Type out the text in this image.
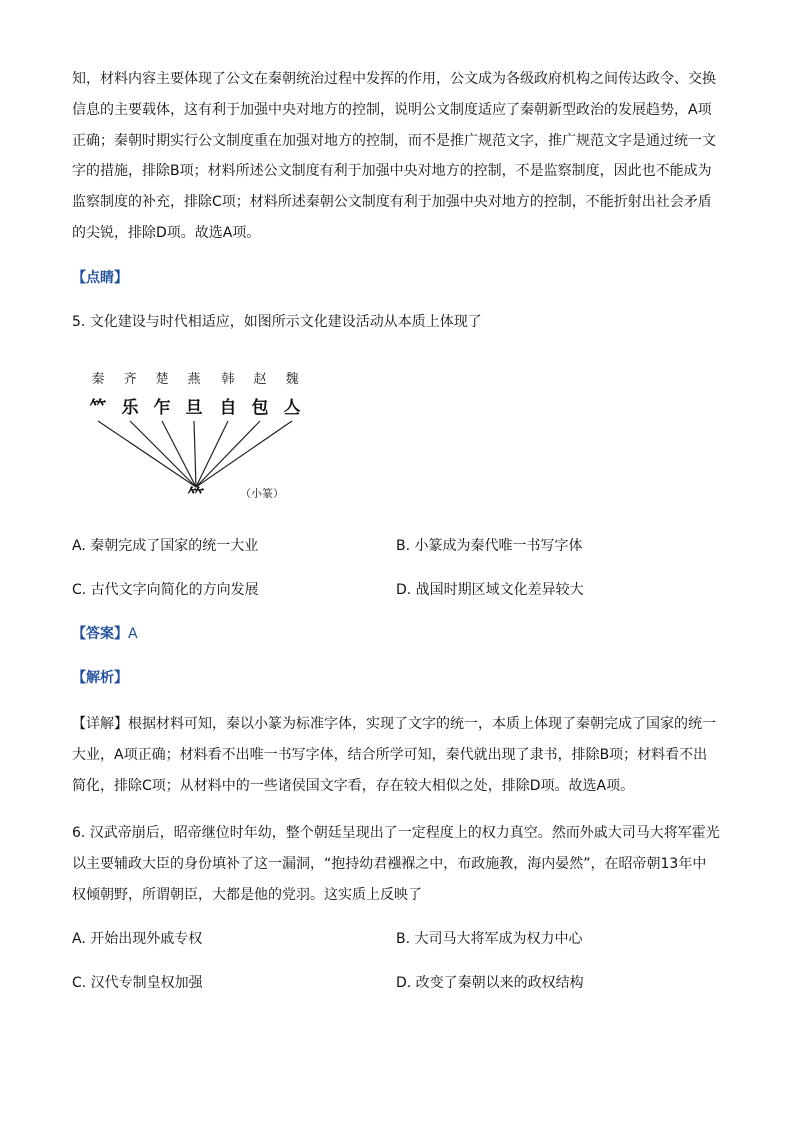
知，材料内容主要体现了公文在秦朝统治过程中发挥的作用，公文成为各级政府机构之间传达政令、交换
信息的主要载体，这有利于加强中央对地方的控制，说明公文制度适应了秦朝新型政治的发展趋势，A项
正确；秦朝时期实行公文制度重在加强对地方的控制，而不是推广规范文字，推广规范文字是通过统一文
字的措施，排除B项；材料所述公文制度有利于加强中央对地方的控制，不是监察制度，因此也不能成为
监察制度的补充，排除C项；材料所述秦朝公文制度有利于加强中央对地方的控制，不能折射出社会矛盾
的尖锐，排除D项。故选A项。
【点睛】
5. 文化建设与时代相适应，如图所示文化建设活动从本质上体现了
秦 齐 楚 燕 韩 赵 魏
𥫗 乐 乍 旦 自 包 亼
𥫗	（小篆）
A. 秦朝完成了国家的统一大业	B. 小篆成为秦代唯一书写字体
C. 古代文字向简化的方向发展	D. 战国时期区域文化差异较大
【答案】A
【解析】
【详解】根据材料可知，秦以小篆为标准字体，实现了文字的统一，本质上体现了秦朝完成了国家的统一
大业，A项正确；材料看不出唯一书写字体，结合所学可知，秦代就出现了隶书，排除B项；材料看不出
简化，排除C项；从材料中的一些诸侯国文字看，存在较大相似之处，排除D项。故选A项。
6. 汉武帝崩后，昭帝继位时年幼，整个朝廷呈现出了一定程度上的权力真空。然而外戚大司马大将军霍光
以主要辅政大臣的身份填补了这一漏洞，“抱持幼君襁褓之中，布政施教，海内晏然”，在昭帝朝13年中
权倾朝野，所谓朝臣，大都是他的党羽。这实质上反映了
A. 开始出现外戚专权	B. 大司马大将军成为权力中心
C. 汉代专制皇权加强	D. 改变了秦朝以来的政权结构
